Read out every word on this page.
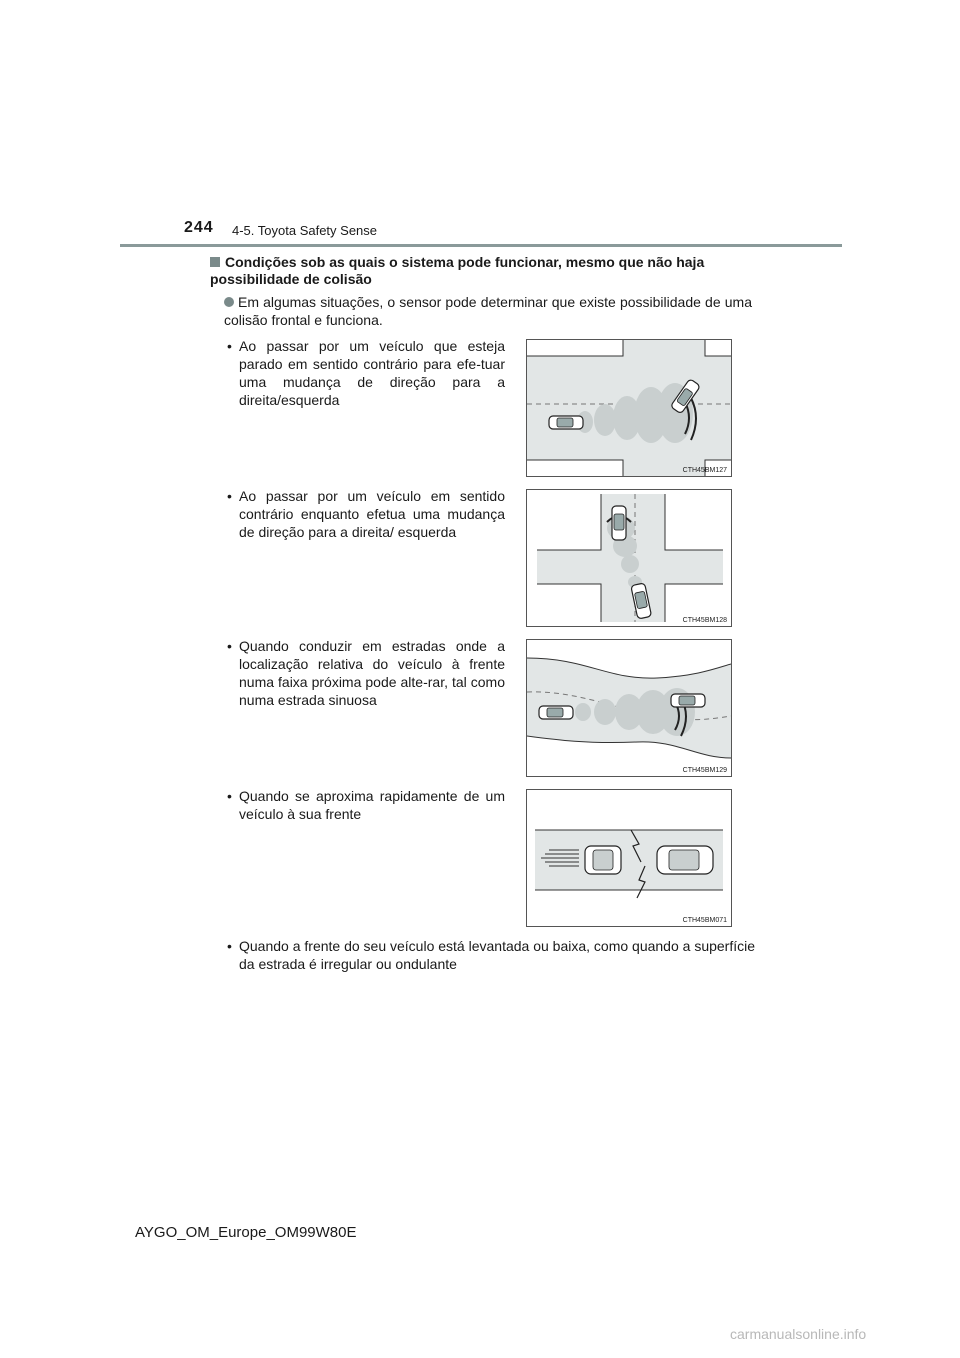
244 4-5. Toyota Safety Sense
Condições sob as quais o sistema pode funcionar, mesmo que não haja possibilidade de colisão
Em algumas situações, o sensor pode determinar que existe possibilidade de uma colisão frontal e funciona.
• Ao passar por um veículo que esteja parado em sentido contrário para efe-tuar uma mudança de direção para a direita/esquerda
CTH45BM127
• Ao passar por um veículo em sentido contrário enquanto efetua uma mudança de direção para a direita/ esquerda
CTH45BM128
• Quando conduzir em estradas onde a localização relativa do veículo à frente numa faixa próxima pode alte-rar, tal como numa estrada sinuosa
CTH45BM129
• Quando se aproxima rapidamente de um veículo à sua frente
CTH45BM071
• Quando a frente do seu veículo está levantada ou baixa, como quando a superfície da estrada é irregular ou ondulante
AYGO_OM_Europe_OM99W80E
carmanualsonline.info
